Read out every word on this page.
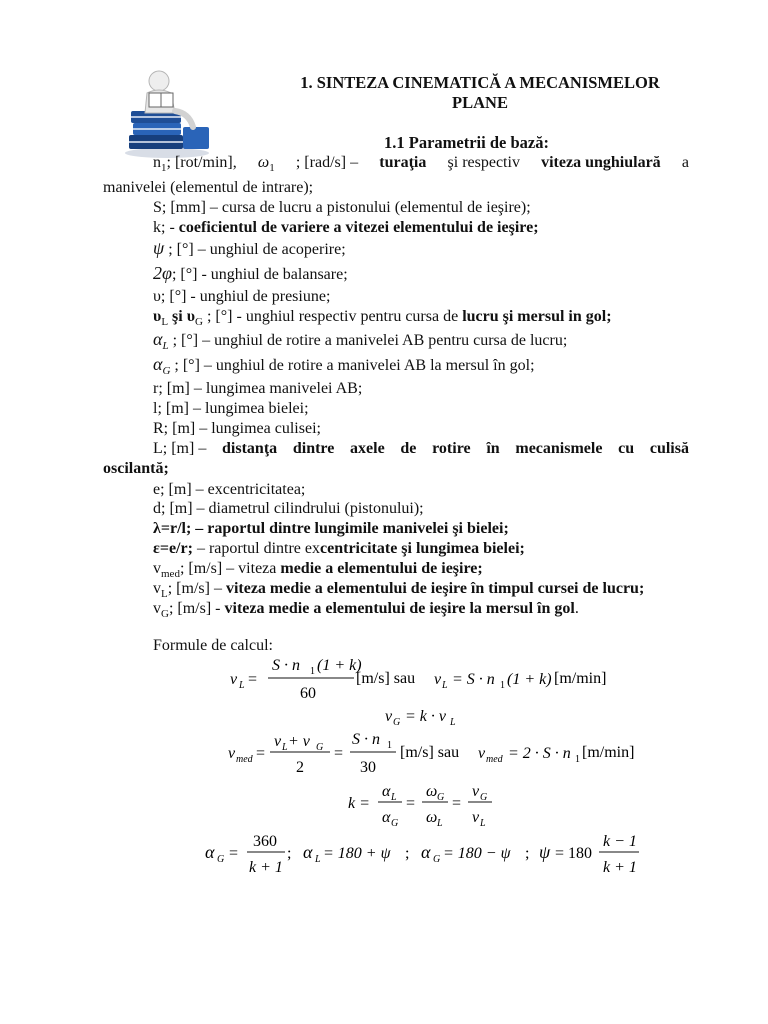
1. SINTEZA CINEMATICĂ A MECANISMELOR
PLANE
1.1 Parametrii de bază:
$n_1$; [rot/min], $\omega_1$ ; [rad/s] – turaţia şi respectiv viteza unghiulară a
manivelei (elementul de intrare);
S; [mm] – cursa de lucru a pistonului (elementul de ieşire);
k; - coeficientul de variere a vitezei elementului de ieşire;
ψ ; [°] – unghiul de acoperire;
2φ; [°] - unghiul de balansare;
υ; [°] - unghiul de presiune;
$\upsilon_L$ şi $\upsilon_G$ ; [°] - unghiul respectiv pentru cursa de lucru şi mersul in gol;
$\alpha_L$ ; [°] – unghiul de rotire a manivelei AB pentru cursa de lucru;
$\alpha_G$ ; [°] – unghiul de rotire a manivelei AB la mersul în gol;
r; [m] – lungimea manivelei AB;
l; [m] – lungimea bielei;
R; [m] – lungimea culisei;
L; [m] – distanţa dintre axele de rotire în mecanismele cu culisă
oscilantă;
e; [m] – excentricitatea;
d; [m] – diametrul cilindrului (pistonului);
λ=r/l; – raportul dintre lungimile manivelei şi bielei;
ε=e/r; – raportul dintre excentricitate şi lungimea bielei;
$v_{med}$; [m/s] – viteza medie a elementului de ieşire;
$v_L$; [m/s] – viteza medie a elementului de ieşire în timpul cursei de lucru;
$v_G$; [m/s] - viteza medie a elementului de ieşire la mersul în gol.
Formule de calcul:
v L =
S · n 1 (1 + k)
60
[m/s] sau v L = S · n 1 (1 + k) [m/min]
v G = k · v L
v med =
v L + v G
2
=
S · n 1
30
[m/s] sau v med = 2 · S · n 1 [m/min]
k =
α L
α G
=
ω G
ω L
=
v G
v L
α G =
360
k + 1
; α L = 180 + ψ ; α G = 180 − ψ ; ψ = 180
k − 1
k + 1
